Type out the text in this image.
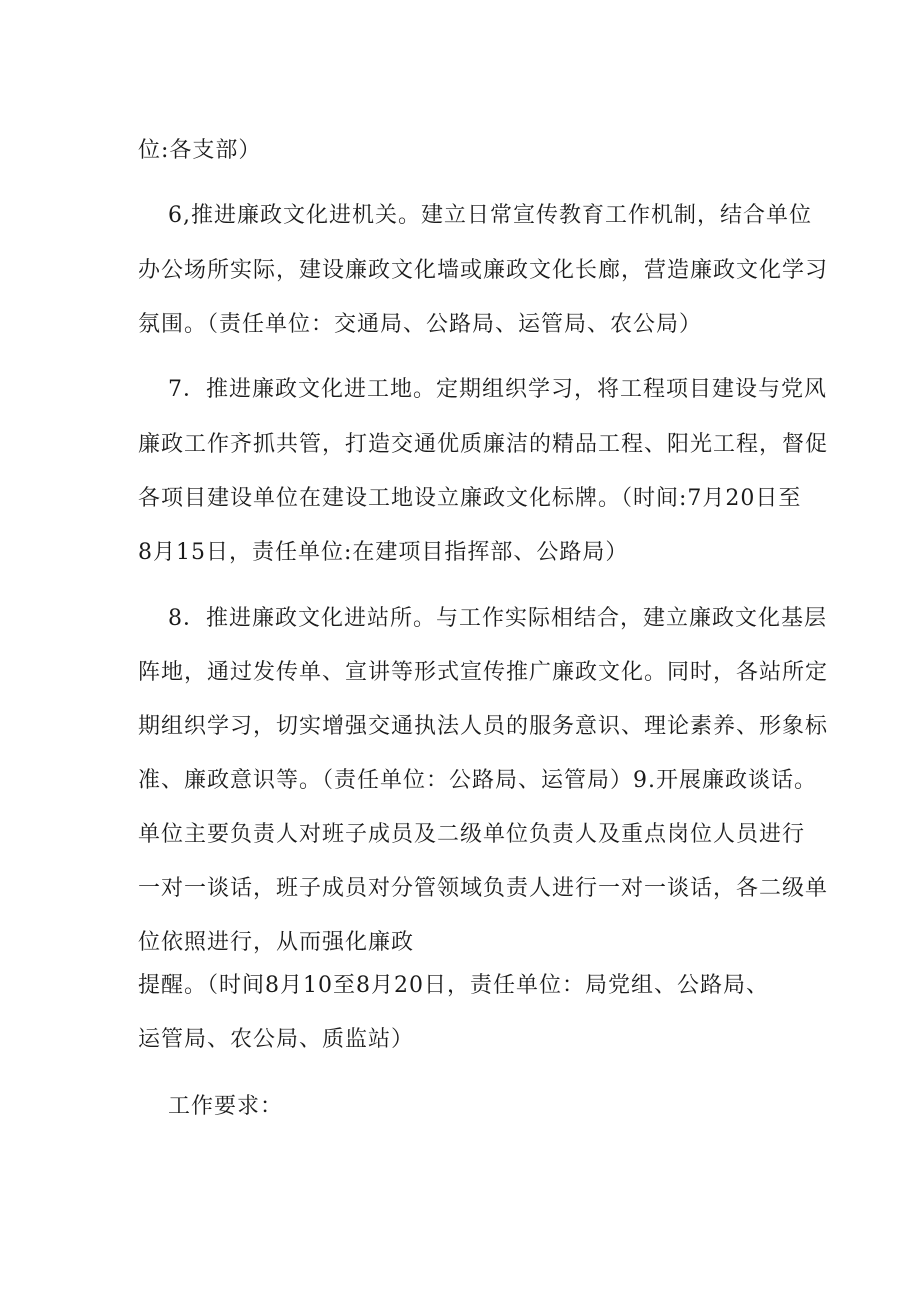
位:各支部）

6,推进廉政文化进机关。建立日常宣传教育工作机制，结合单位

办公场所实际，建设廉政文化墙或廉政文化长廊，营造廉政文化学习

氛围。（责任单位：交通局、公路局、运管局、农公局）

7．推进廉政文化进工地。定期组织学习，将工程项目建设与党风

廉政工作齐抓共管，打造交通优质廉洁的精品工程、阳光工程，督促

各项目建设单位在建设工地设立廉政文化标牌。（时间:7月20日至

8月15日，责任单位:在建项目指挥部、公路局）

8．推进廉政文化进站所。与工作实际相结合，建立廉政文化基层

阵地，通过发传单、宣讲等形式宣传推广廉政文化。同时，各站所定

期组织学习，切实增强交通执法人员的服务意识、理论素养、形象标

准、廉政意识等。（责任单位：公路局、运管局）9.开展廉政谈话。

单位主要负责人对班子成员及二级单位负责人及重点岗位人员进行

一对一谈话，班子成员对分管领域负责人进行一对一谈话，各二级单

位依照进行，从而强化廉政

提醒。（时间8月10至8月20日，责任单位：局党组、公路局、

运管局、农公局、质监站）

工作要求：
